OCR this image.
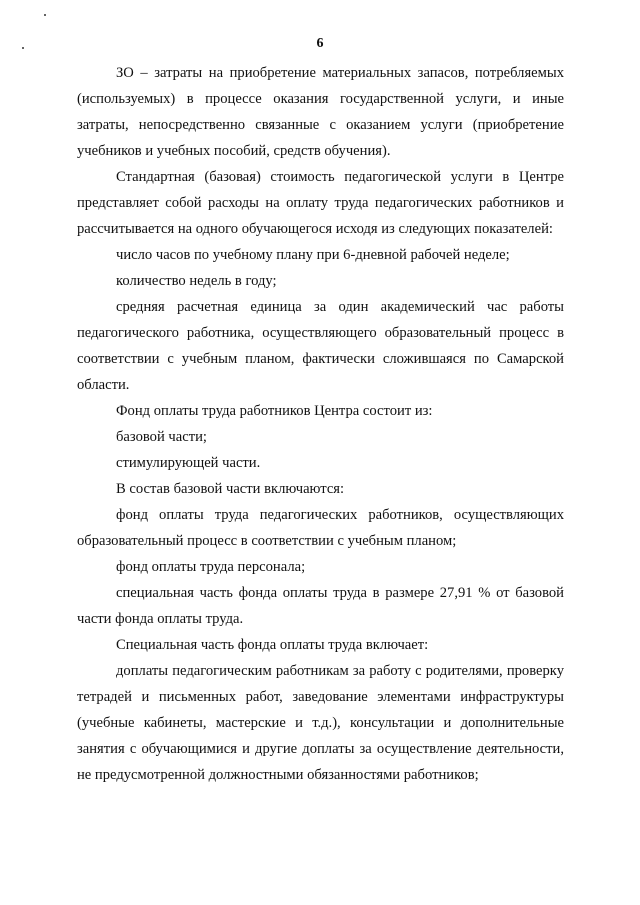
6

ЗО – затраты на приобретение материальных запасов, потребляемых (используемых) в процессе оказания государственной услуги, и иные затраты, непосредственно связанные с оказанием услуги (приобретение учебников и учебных пособий, средств обучения).

Стандартная (базовая) стоимость педагогической услуги в Центре представляет собой расходы на оплату труда педагогических работников и рассчитывается на одного обучающегося исходя из следующих показателей:

число часов по учебному плану при 6-дневной рабочей неделе;

количество недель в году;

средняя расчетная единица за один академический час работы педагогического работника, осуществляющего образовательный процесс в соответствии с учебным планом, фактически сложившаяся по Самарской области.

Фонд оплаты труда работников Центра состоит из:

базовой части;

стимулирующей части.

В состав базовой части включаются:

фонд оплаты труда педагогических работников, осуществляющих образовательный процесс в соответствии с учебным планом;

фонд оплаты труда персонала;

специальная часть фонда оплаты труда в размере 27,91 % от базовой части фонда оплаты труда.

Специальная часть фонда оплаты труда включает:

доплаты педагогическим работникам за работу с родителями, проверку тетрадей и письменных работ, заведование элементами инфраструктуры (учебные кабинеты, мастерские и т.д.), консультации и дополнительные занятия с обучающимися и другие доплаты за осуществление деятельности, не предусмотренной должностными обязанностями работников;
